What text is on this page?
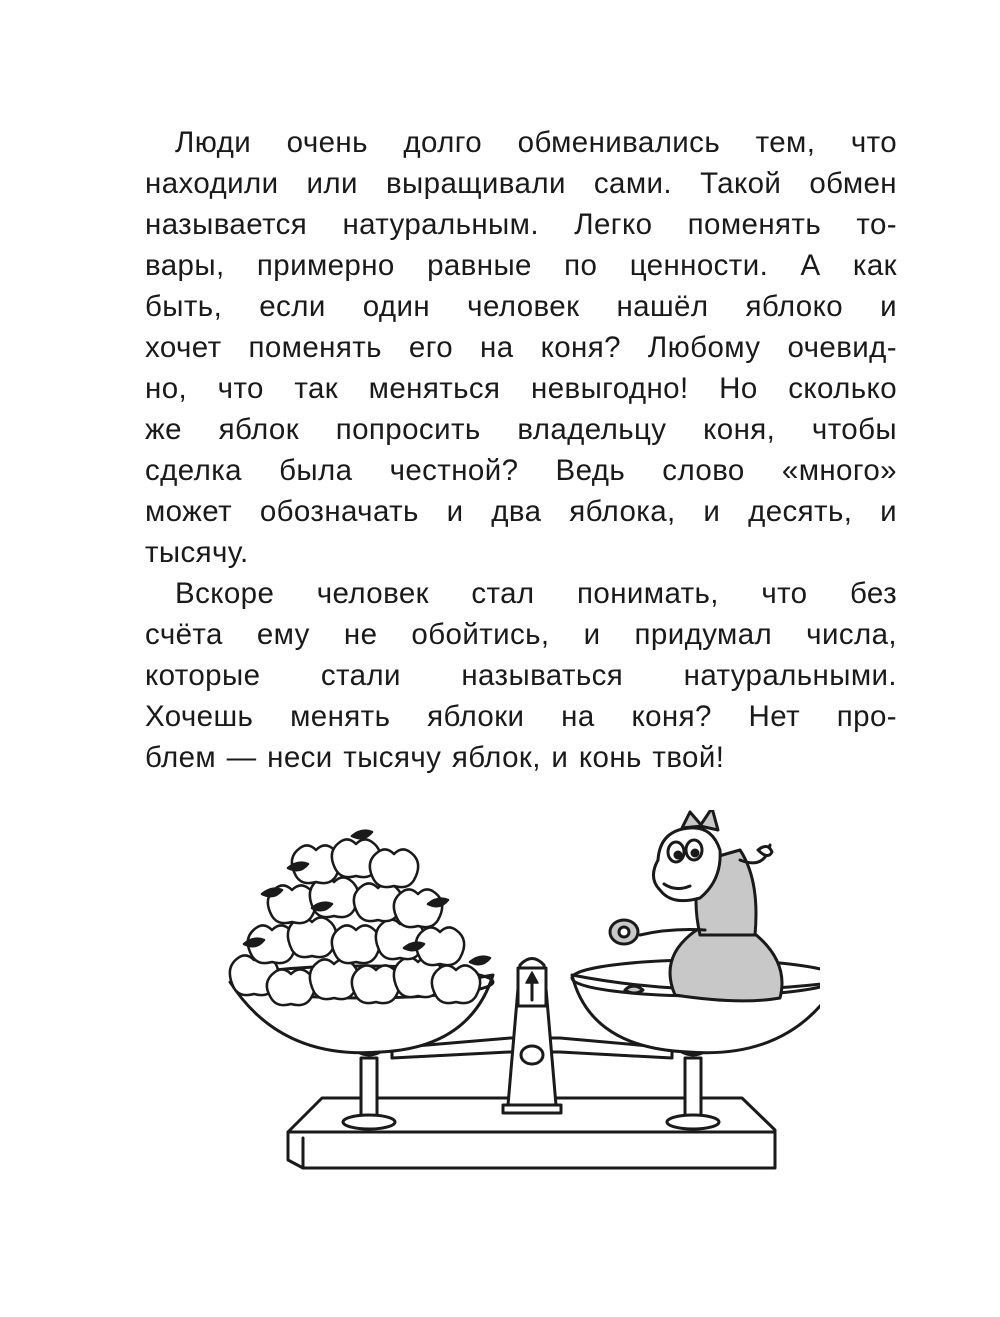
Люди очень долго обменивались тем, что
находили или выращивали сами. Такой обмен
называется натуральным. Легко поменять то-
вары, примерно равные по ценности. А как
быть, если один человек нашёл яблоко и
хочет поменять его на коня? Любому очевид-
но, что так меняться невыгодно! Но сколько
же яблок попросить владельцу коня, чтобы
сделка была честной? Ведь слово «много»
может обозначать и два яблока, и десять, и
тысячу.
Вскоре человек стал понимать, что без
счёта ему не обойтись, и придумал числа,
которые стали называться натуральными.
Хочешь менять яблоки на коня? Нет про-
блем — неси тысячу яблок, и конь твой!
